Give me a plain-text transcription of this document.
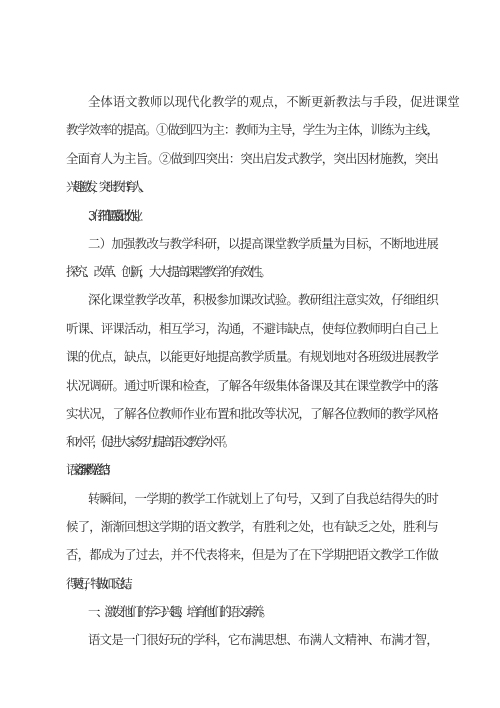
全体语文教师以现代化教学的观点，不断更新教法与手段，促进课堂
教学效率的提高。①做到四为主：教师为主导，学生为主体，训练为主线，
全面育人为主旨。②做到四突出：突出启发式教学，突出因材施教，突出
兴趣激发，突出教书育人。
3、仔细布置及批改作业。
二）加强教改与教学科研，以提高课堂教学质量为目标，不断地进展
探究、改革、创新，大大提高课堂教学的有效性。
深化课堂教学改革，积极参加课改试验。教研组注意实效，仔细组织
听课、评课活动，相互学习，沟通，不避讳缺点，使每位教师明白自己上
课的优点，缺点，以能更好地提高教学质量。有规划地对各班级进展教学
状况调研。通过听课和检查，了解各年级集体备课及其在课堂教学中的落
实状况，了解各位教师作业布置和批改等状况，了解各位教师的教学风格
和水平，促进大家努力提高语文教学水平。
语文备课教学总结3
转瞬间，一学期的教学工作就划上了句号，又到了自我总结得失的时
候了，渐渐回想这学期的语文教学，有胜利之处，也有缺乏之处，胜利与
否，都成为了过去，并不代表将来，但是为了在下学期把语文教学工作做
得更好，特做如下总结。
一、激发他们的学习兴趣，培育他们的语文素养。
语文是一门很好玩的学科，它布满思想、布满人文精神、布满才智，
